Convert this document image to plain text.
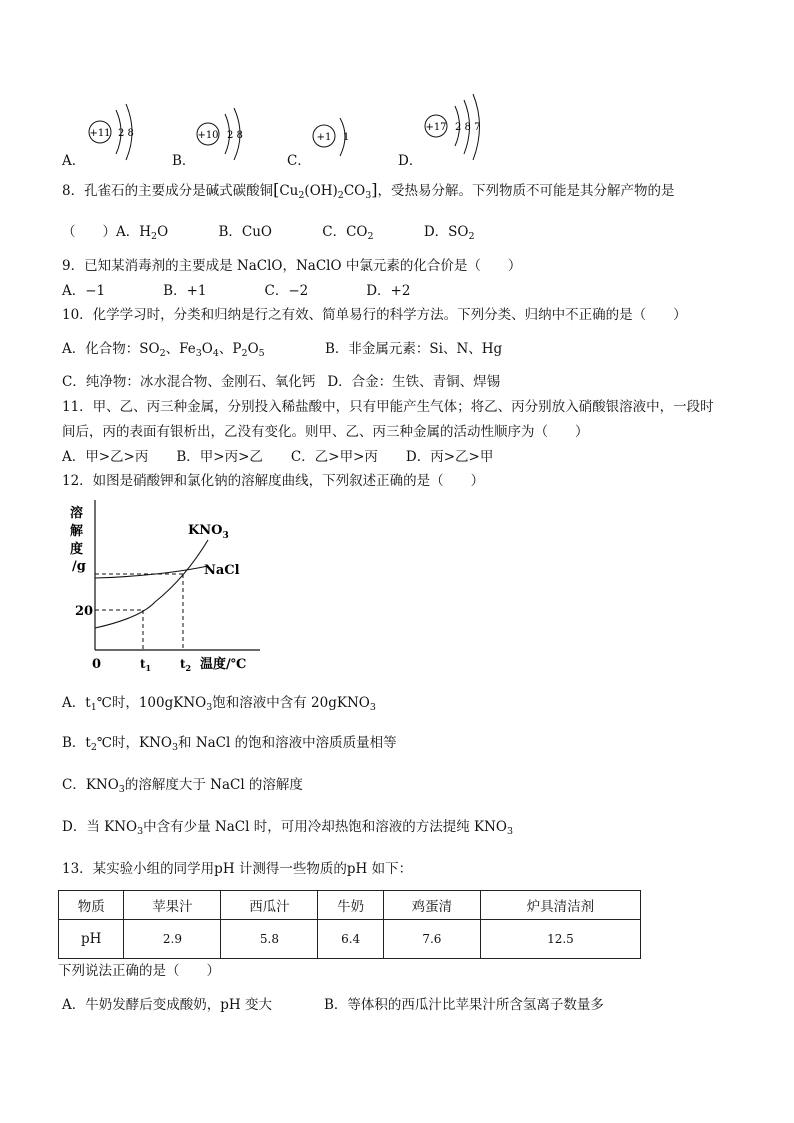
+11 2 8	+10 2 8	+1 1
+17 2 8 7
A．	B．	C．	D．
8．孔雀石的主要成分是碱式碳酸铜$[Cu_2(OH)_2CO_3]$，受热易分解。下列物质不可能是其分解产物的是
（　　）A．$H_2O$	B．CuO	C．$CO_2$	D．$SO_2$
9．已知某消毒剂的主要成是 NaClO，NaClO 中氯元素的化合价是（　　）
A．−1	B．+1	C．−2	D．+2
10．化学学习时，分类和归纳是行之有效、简单易行的科学方法。下列分类、归纳中不正确的是（　　）
A．化合物：$SO_2$、$Fe_3O_4$、$P_2O_5$	B．非金属元素：Si、N、Hg
C．纯净物：冰水混合物、金刚石、氧化钙 D．合金：生铁、青铜、焊锡
11．甲、乙、丙三种金属，分别投入稀盐酸中，只有甲能产生气体；将乙、丙分别放入硝酸银溶液中，一段时
间后，丙的表面有银析出，乙没有变化。则甲、乙、丙三种金属的活动性顺序为（　　）
A．甲>乙>丙 B．甲>丙>乙 C．乙>甲>丙 D．丙>乙>甲
12．如图是硝酸钾和氯化钠的溶解度曲线，下列叙述正确的是（　　）
溶
解
度
/g
$KNO_3$
NaCl
20
0	$t_1$ $t_2$ 温度/℃
A．$t_1℃$时，100gKNO$_3$饱和溶液中含有 20gKNO$_3$
B．$t_2℃$时，$KNO_3$和 NaCl 的饱和溶液中溶质质量相等
C．$KNO_3$的溶解度大于 NaCl 的溶解度
D．当 $KNO_3$中含有少量 NaCl 时，可用冷却热饱和溶液的方法提纯 $KNO_3$
13．某实验小组的同学用pH 计测得一些物质的pH 如下：
物质	苹果汁	西瓜汁	牛奶	鸡蛋清	炉具清洁剂
pH	2.9	5.8	6.4	7.6	12.5
下列说法正确的是（　　）
A．牛奶发酵后变成酸奶，pH 变大	B．等体积的西瓜汁比苹果汁所含氢离子数量多
